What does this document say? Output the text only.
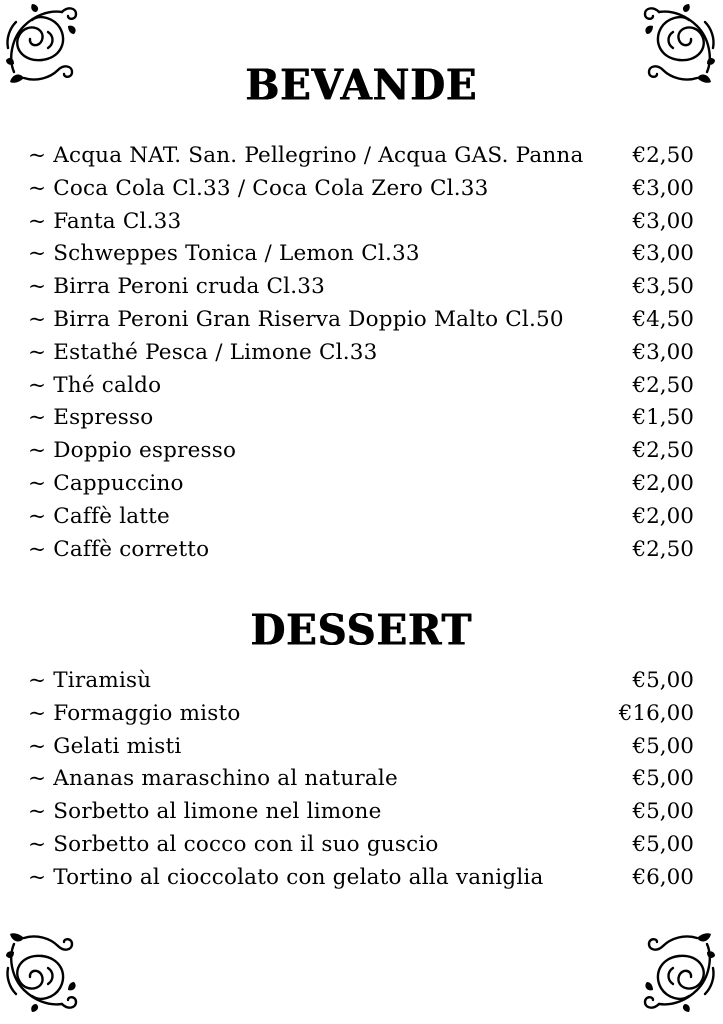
BEVANDE
~ Acqua NAT. San. Pellegrino / Acqua GAS. Panna €2,50
~ Coca Cola Cl.33 / Coca Cola Zero Cl.33	€3,00
~ Fanta Cl.33	€3,00
~ Schweppes Tonica / Lemon Cl.33	€3,00
~ Birra Peroni cruda Cl.33	€3,50
~ Birra Peroni Gran Riserva Doppio Malto Cl.50	€4,50
~ Estathé Pesca / Limone Cl.33	€3,00
~ Thé caldo	€2,50
~ Espresso	€1,50
~ Doppio espresso	€2,50
~ Cappuccino	€2,00
~ Caffè latte	€2,00
~ Caffè corretto	€2,50
DESSERT
~ Tiramisù	€5,00
~ Formaggio misto	€16,00
~ Gelati misti	€5,00
~ Ananas maraschino al naturale	€5,00
~ Sorbetto al limone nel limone	€5,00
~ Sorbetto al cocco con il suo guscio	€5,00
~ Tortino al cioccolato con gelato alla vaniglia	€6,00
